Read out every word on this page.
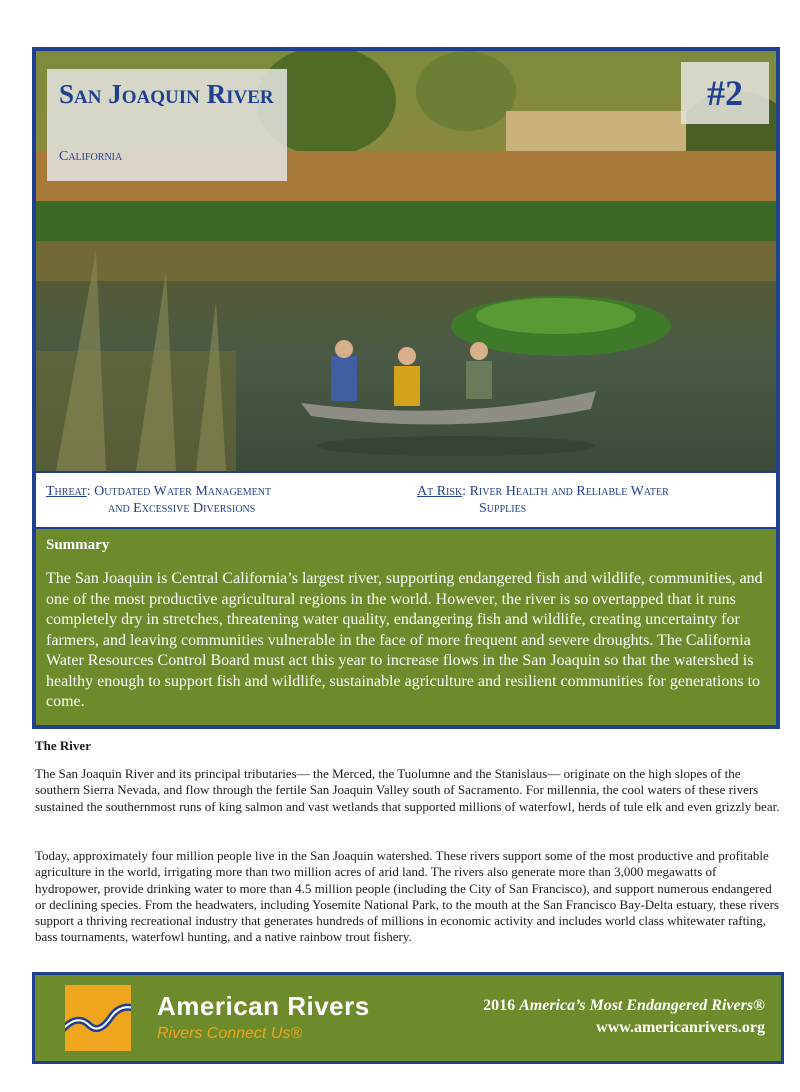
San Joaquin River
California
#2
Threat: Outdated Water Management
and Excessive Diversions
At Risk: River Health and Reliable Water
Supplies
Summary
The San Joaquin is Central California’s largest river, supporting endangered fish and wildlife, communities, and one of the most productive agricultural regions in the world. However, the river is so overtapped that it runs completely dry in stretches, threatening water quality, endangering fish and wildlife, creating uncertainty for farmers, and leaving communities vulnerable in the face of more frequent and severe droughts. The California Water Resources Control Board must act this year to increase flows in the San Joaquin so that the watershed is healthy enough to support fish and wildlife, sustainable agriculture and resilient communities for generations to come.
The River
The San Joaquin River and its principal tributaries— the Merced, the Tuolumne and the Stanislaus— originate on the high slopes of the southern Sierra Nevada, and flow through the fertile San Joaquin Valley south of Sacramento. For millennia, the cool waters of these rivers sustained the southernmost runs of king salmon and vast wetlands that supported millions of waterfowl, herds of tule elk and even grizzly bear.
Today, approximately four million people live in the San Joaquin watershed. These rivers support some of the most productive and profitable agriculture in the world, irrigating more than two million acres of arid land. The rivers also generate more than 3,000 megawatts of hydropower, provide drinking water to more than 4.5 million people (including the City of San Francisco), and support numerous endangered or declining species. From the headwaters, including Yosemite National Park, to the mouth at the San Francisco Bay-Delta estuary, these rivers support a thriving recreational industry that generates hundreds of millions in economic activity and includes world class whitewater rafting, bass tournaments, waterfowl hunting, and a native rainbow trout fishery.
American Rivers
Rivers Connect Us®
2016 America’s Most Endangered Rivers®
www.americanrivers.org
